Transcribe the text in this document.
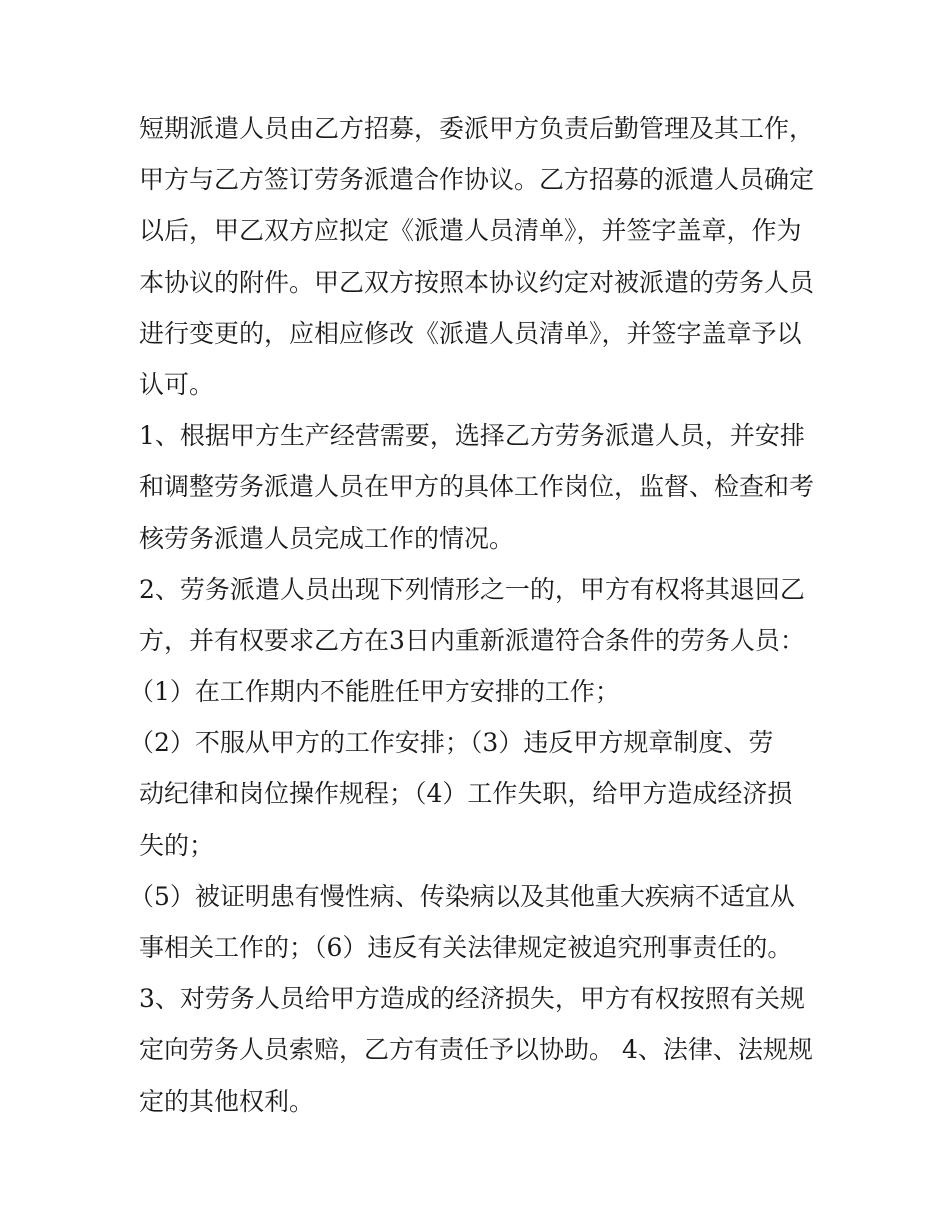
短期派遣人员由乙方招募，委派甲方负责后勤管理及其工作，
甲方与乙方签订劳务派遣合作协议。乙方招募的派遣人员确定
以后，甲乙双方应拟定《派遣人员清单》，并签字盖章，作为
本协议的附件。甲乙双方按照本协议约定对被派遣的劳务人员
进行变更的，应相应修改《派遣人员清单》，并签字盖章予以
认可。
1、根据甲方生产经营需要，选择乙方劳务派遣人员，并安排
和调整劳务派遣人员在甲方的具体工作岗位，监督、检查和考
核劳务派遣人员完成工作的情况。
2、劳务派遣人员出现下列情形之一的，甲方有权将其退回乙
方，并有权要求乙方在3日内重新派遣符合条件的劳务人员：
（1）在工作期内不能胜任甲方安排的工作；
（2）不服从甲方的工作安排；（3）违反甲方规章制度、劳
动纪律和岗位操作规程；（4）工作失职，给甲方造成经济损
失的；
（5）被证明患有慢性病、传染病以及其他重大疾病不适宜从
事相关工作的；（6）违反有关法律规定被追究刑事责任的。
3、对劳务人员给甲方造成的经济损失，甲方有权按照有关规
定向劳务人员索赔，乙方有责任予以协助。 4、法律、法规规
定的其他权利。
